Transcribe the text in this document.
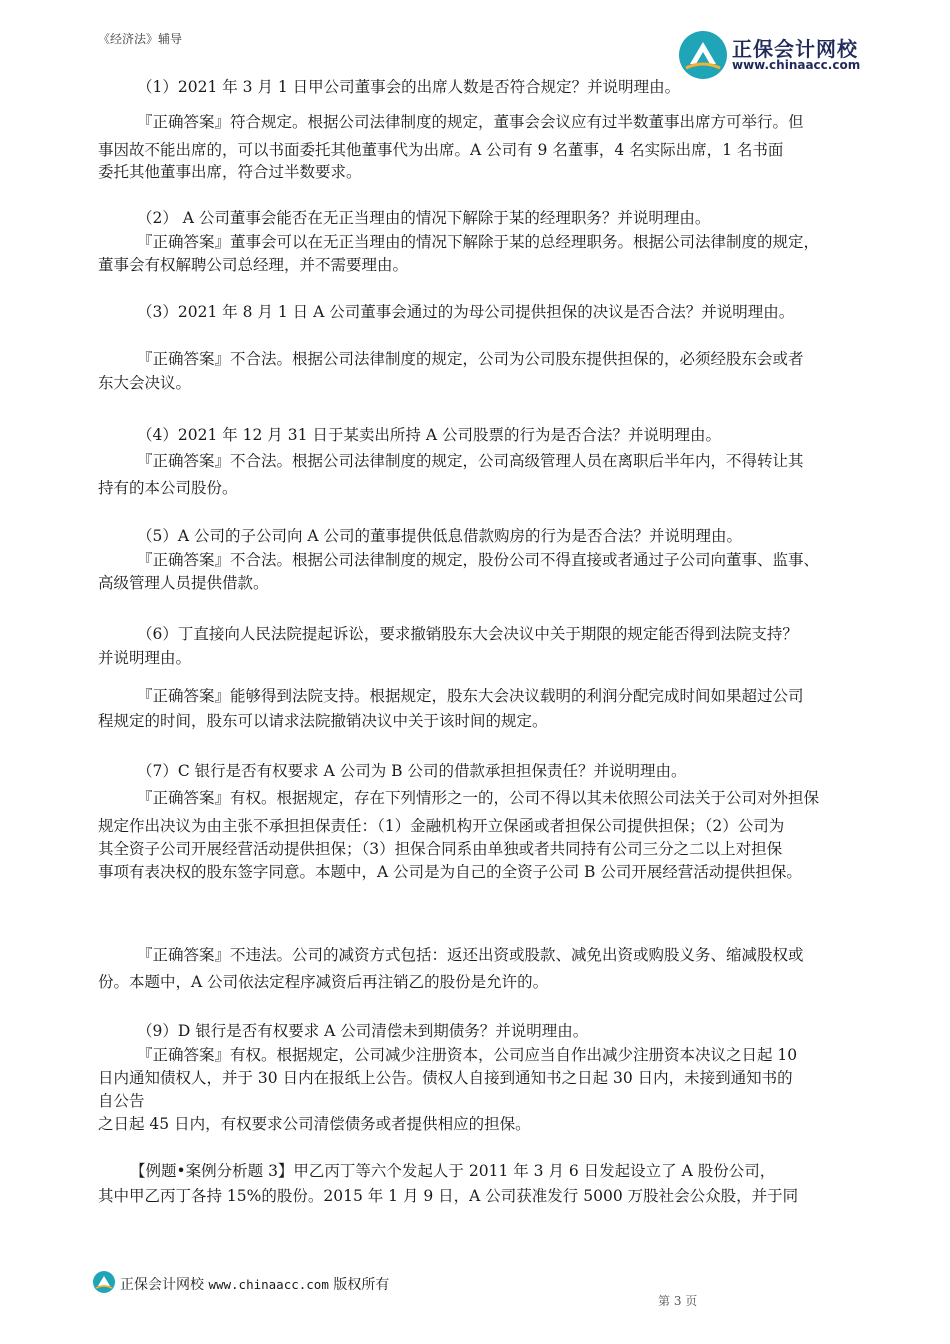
《经济法》辅导	正保会计网校
www.chinaacc.com
（1）2021 年 3 月 1 日甲公司董事会的出席人数是否符合规定？并说明理由。
『正确答案』符合规定。根据公司法律制度的规定，董事会会议应有过半数董事出席方可举行。但
事因故不能出席的，可以书面委托其他董事代为出席。A 公司有 9 名董事，4 名实际出席，1 名书面
委托其他董事出席，符合过半数要求。
（2） A 公司董事会能否在无正当理由的情况下解除于某的经理职务？并说明理由。
『正确答案』董事会可以在无正当理由的情况下解除于某的总经理职务。根据公司法律制度的规定，
董事会有权解聘公司总经理，并不需要理由。
（3）2021 年 8 月 1 日 A 公司董事会通过的为母公司提供担保的决议是否合法？并说明理由。
『正确答案』不合法。根据公司法律制度的规定，公司为公司股东提供担保的，必须经股东会或者
东大会决议。
（4）2021 年 12 月 31 日于某卖出所持 A 公司股票的行为是否合法？并说明理由。
『正确答案』不合法。根据公司法律制度的规定，公司高级管理人员在离职后半年内，不得转让其
持有的本公司股份。
（5）A 公司的子公司向 A 公司的董事提供低息借款购房的行为是否合法？并说明理由。
『正确答案』不合法。根据公司法律制度的规定，股份公司不得直接或者通过子公司向董事、监事、
高级管理人员提供借款。
（6）丁直接向人民法院提起诉讼，要求撤销股东大会决议中关于期限的规定能否得到法院支持？
并说明理由。
『正确答案』能够得到法院支持。根据规定，股东大会决议载明的利润分配完成时间如果超过公司
程规定的时间，股东可以请求法院撤销决议中关于该时间的规定。
（7）C 银行是否有权要求 A 公司为 B 公司的借款承担担保责任？并说明理由。
『正确答案』有权。根据规定，存在下列情形之一的，公司不得以其未依照公司法关于公司对外担保
规定作出决议为由主张不承担担保责任：（1）金融机构开立保函或者担保公司提供担保；（2）公司为
其全资子公司开展经营活动提供担保；（3）担保合同系由单独或者共同持有公司三分之二以上对担保
事项有表决权的股东签字同意。本题中，A 公司是为自己的全资子公司 B 公司开展经营活动提供担保。
『正确答案』不违法。公司的减资方式包括：返还出资或股款、减免出资或购股义务、缩减股权或
份。本题中，A 公司依法定程序减资后再注销乙的股份是允许的。
（9）D 银行是否有权要求 A 公司清偿未到期债务？并说明理由。
『正确答案』有权。根据规定，公司减少注册资本，公司应当自作出减少注册资本决议之日起 10
日内通知债权人，并于 30 日内在报纸上公告。债权人自接到通知书之日起 30 日内，未接到通知书的
自公告
之日起 45 日内，有权要求公司清偿债务或者提供相应的担保。
【例题•案例分析题 3】甲乙丙丁等六个发起人于 2011 年 3 月 6 日发起设立了 A 股份公司，
其中甲乙丙丁各持 15%的股份。2015 年 1 月 9 日，A 公司获准发行 5000 万股社会公众股，并于同
正保会计网校 www.chinaacc.com 版权所有
第 3 页
